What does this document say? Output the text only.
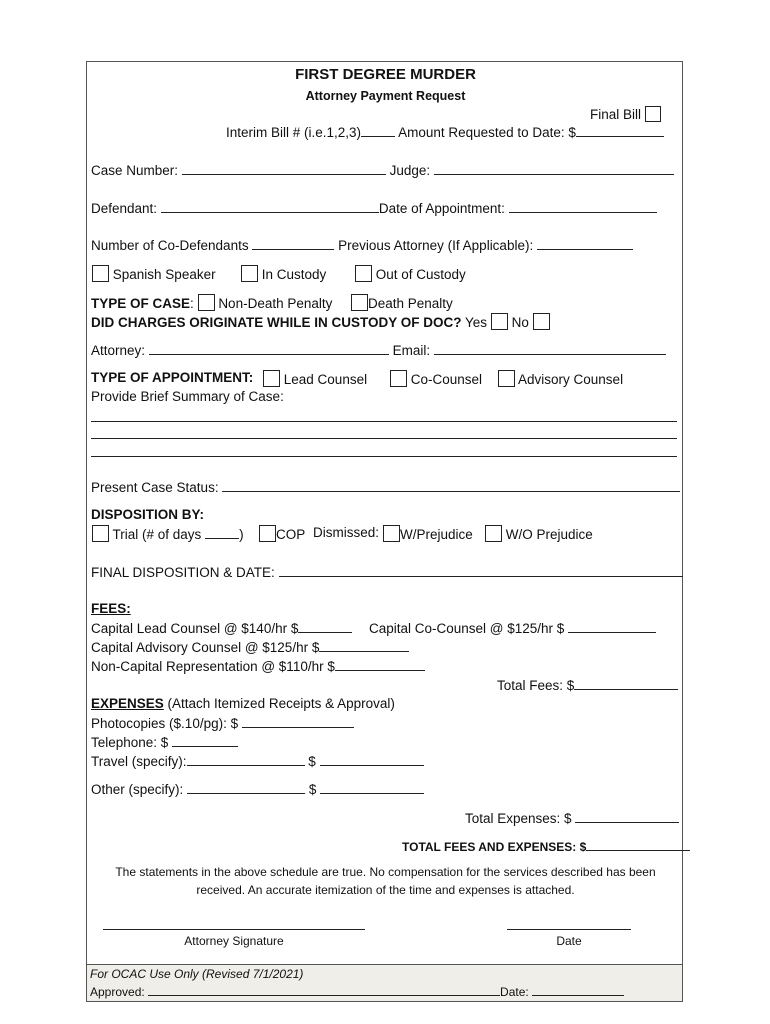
FIRST DEGREE MURDER
Attorney Payment Request
Final Bill
Interim Bill # (i.e.1,2,3)	Amount Requested to Date: $
Case Number:	Judge:
Defendant:	Date of Appointment:
Number of Co-Defendants	Previous Attorney (If Applicable):
Spanish Speaker	In Custody	Out of Custody
TYPE OF CASE: Non-Death Penalty	Death Penalty
DID CHARGES ORIGINATE WHILE IN CUSTODY OF DOC? Yes No
Attorney:	Email:
TYPE OF APPOINTMENT:	Lead Counsel	Co-Counsel	Advisory Counsel
Provide Brief Summary of Case:
Present Case Status:
DISPOSITION BY:
Trial (# of days	)	COP Dismissed:	W/Prejudice	W/O Prejudice
FINAL DISPOSITION & DATE:
FEES:
Capital Lead Counsel @ $140/hr $	Capital Co-Counsel @ $125/hr $
Capital Advisory Counsel @ $125/hr $
Non-Capital Representation @ $110/hr $
Total Fees: $
EXPENSES (Attach Itemized Receipts & Approval)
Photocopies ($.10/pg): $
Telephone: $
Travel (specify):	$
Other (specify):	$
Total Expenses: $
TOTAL FEES AND EXPENSES: $
The statements in the above schedule are true. No compensation for the services described has been
received. An accurate itemization of the time and expenses is attached.
Attorney Signature	Date
For OCAC Use Only (Revised 7/1/2021)
Approved:	Date:
